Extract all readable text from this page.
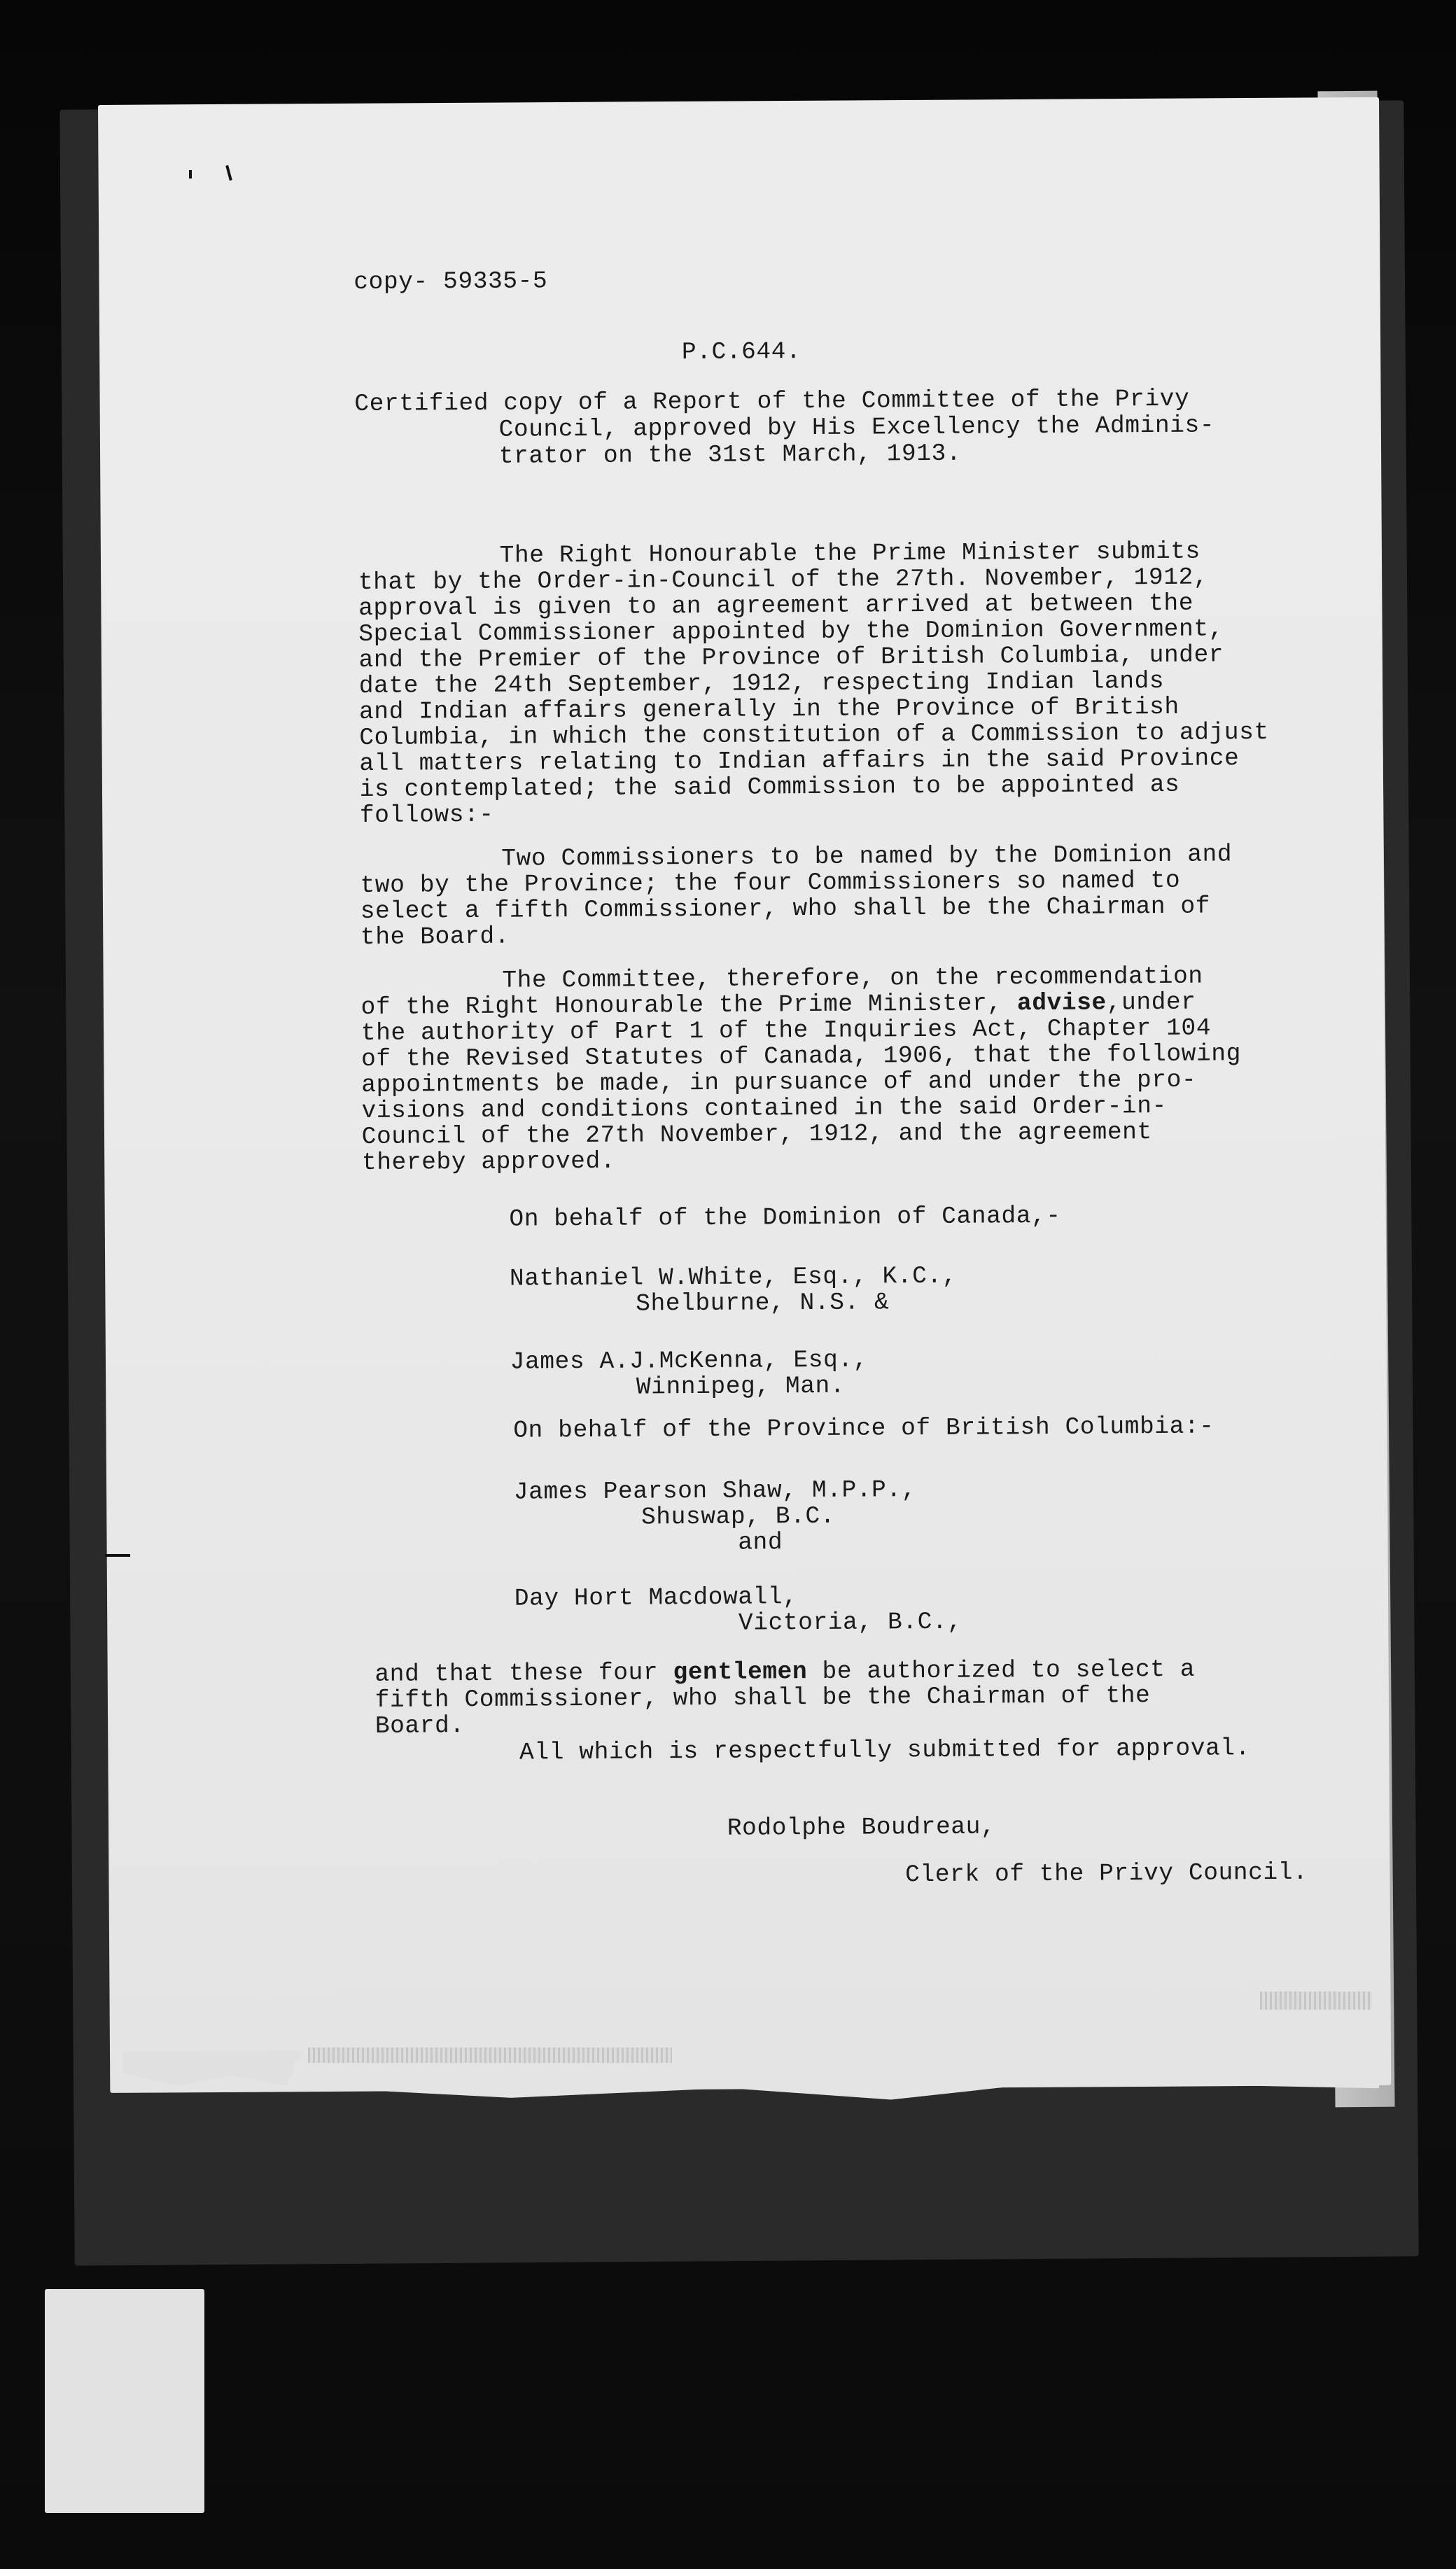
copy- 59335-5
P.C.644.
Certified copy of a Report of the Committee of the Privy
Council, approved by His Excellency the Adminis-
trator on the 31st March, 1913.
The Right Honourable the Prime Minister submits
that by the Order-in-Council of the 27th. November, 1912,
approval is given to an agreement arrived at between the
Special Commissioner appointed by the Dominion Government,
and the Premier of the Province of British Columbia, under
date the 24th September, 1912, respecting Indian lands
and Indian affairs generally in the Province of British
Columbia, in which the constitution of a Commission to adjust
all matters relating to Indian affairs in the said Province
is contemplated; the said Commission to be appointed as
follows:-
Two Commissioners to be named by the Dominion and
two by the Province; the four Commissioners so named to
select a fifth Commissioner, who shall be the Chairman of
the Board.
The Committee, therefore, on the recommendation
of the Right Honourable the Prime Minister, advise,under
the authority of Part 1 of the Inquiries Act, Chapter 104
of the Revised Statutes of Canada, 1906, that the following
appointments be made, in pursuance of and under the pro-
visions and conditions contained in the said Order-in-
Council of the 27th November, 1912, and the agreement
thereby approved.
On behalf of the Dominion of Canada,-
Nathaniel W.White, Esq., K.C.,
Shelburne, N.S. &
James A.J.McKenna, Esq.,
Winnipeg, Man.
On behalf of the Province of British Columbia:-
James Pearson Shaw, M.P.P.,
Shuswap, B.C.
and
Day Hort Macdowall,
Victoria, B.C.,
and that these four gentlemen be authorized to select a
fifth Commissioner, who shall be the Chairman of the
Board.
All which is respectfully submitted for approval.
Rodolphe Boudreau,
Clerk of the Privy Council.
